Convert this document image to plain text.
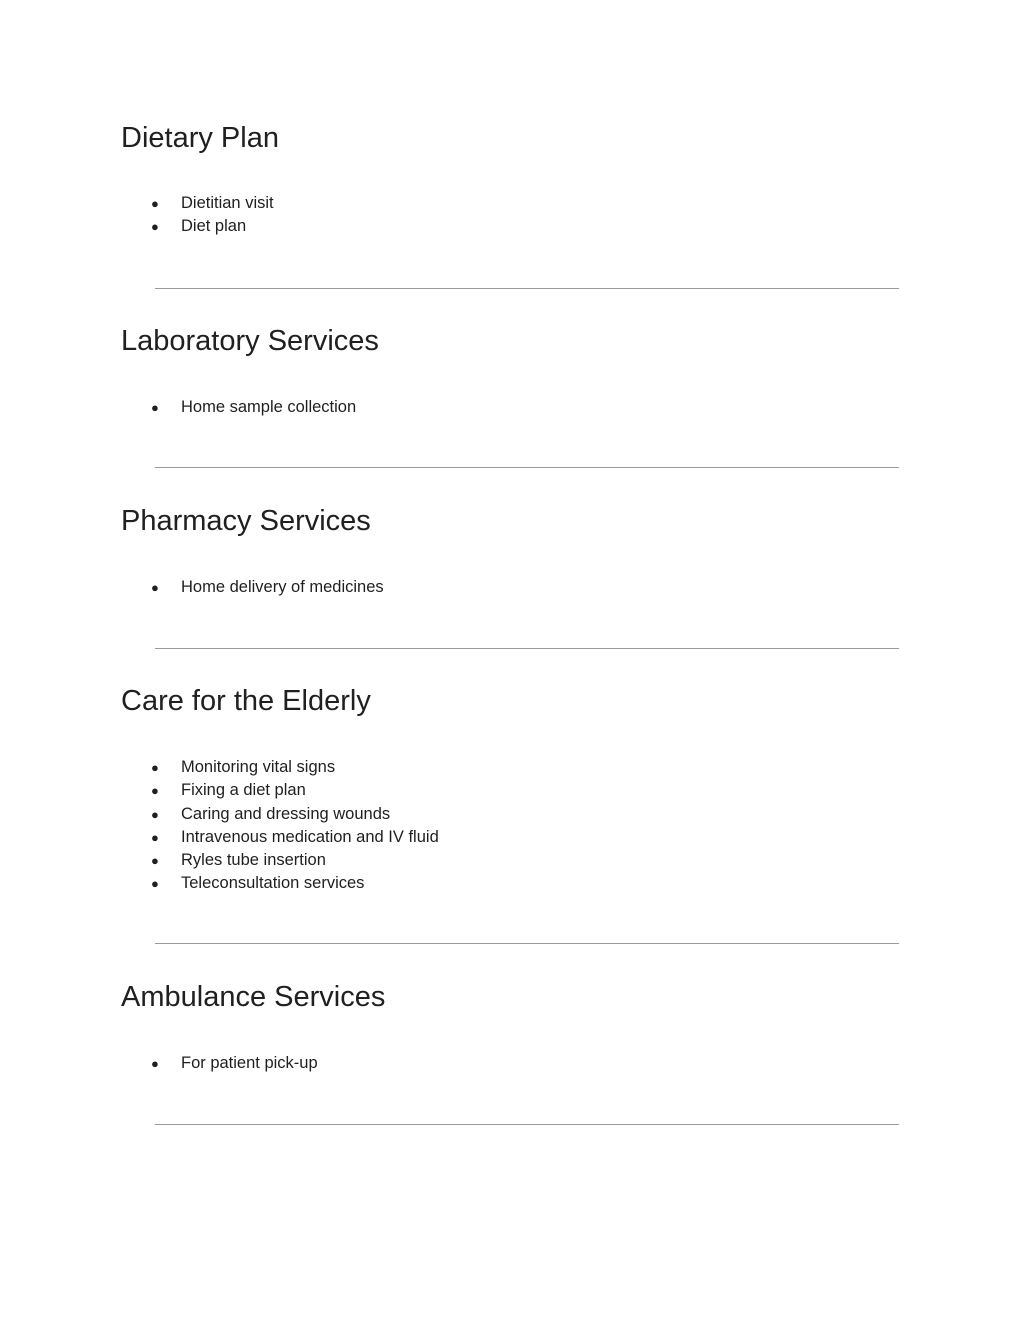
Dietary Plan
● Dietitian visit
● Diet plan
Laboratory Services
● Home sample collection
Pharmacy Services
● Home delivery of medicines
Care for the Elderly
● Monitoring vital signs
● Fixing a diet plan
● Caring and dressing wounds
● Intravenous medication and IV fluid
● Ryles tube insertion
● Teleconsultation services
Ambulance Services
● For patient pick-up
